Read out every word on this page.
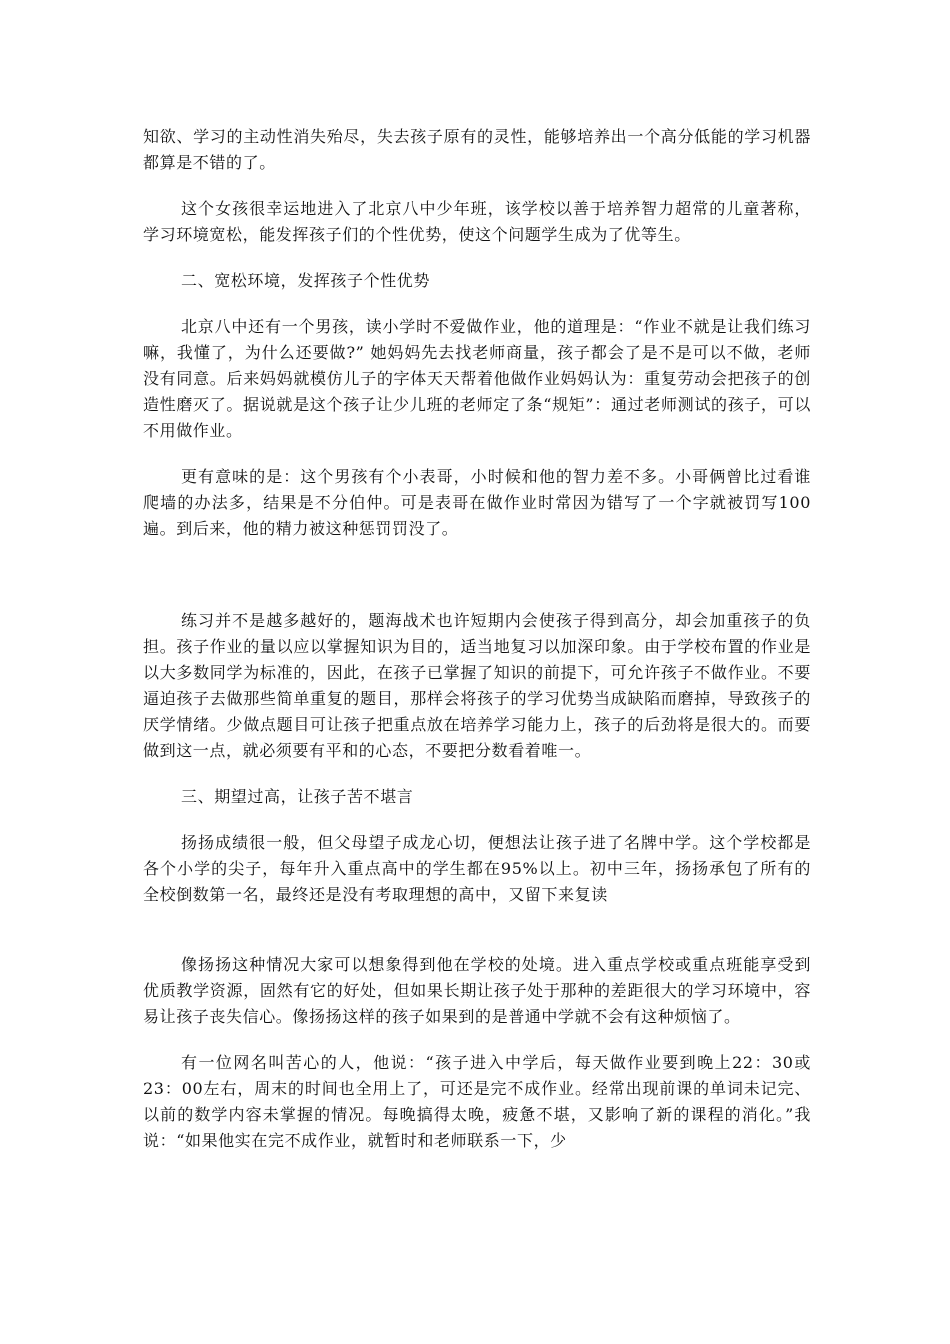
知欲、学习的主动性消失殆尽，失去孩子原有的灵性，能够培养出一个高分低能的学习机器都算是不错的了。

这个女孩很幸运地进入了北京八中少年班，该学校以善于培养智力超常的儿童著称，学习环境宽松，能发挥孩子们的个性优势，使这个问题学生成为了优等生。

二、宽松环境，发挥孩子个性优势

北京八中还有一个男孩，读小学时不爱做作业，他的道理是：“作业不就是让我们练习嘛，我懂了，为什么还要做?” 她妈妈先去找老师商量，孩子都会了是不是可以不做，老师没有同意。后来妈妈就模仿儿子的字体天天帮着他做作业妈妈认为：重复劳动会把孩子的创造性磨灭了。据说就是这个孩子让少儿班的老师定了条“规矩”：通过老师测试的孩子，可以不用做作业。

更有意味的是：这个男孩有个小表哥，小时候和他的智力差不多。小哥俩曾比过看谁爬墙的办法多，结果是不分伯仲。可是表哥在做作业时常因为错写了一个字就被罚写100遍。到后来，他的精力被这种惩罚罚没了。

练习并不是越多越好的，题海战术也许短期内会使孩子得到高分，却会加重孩子的负担。孩子作业的量以应以掌握知识为目的，适当地复习以加深印象。由于学校布置的作业是以大多数同学为标准的，因此，在孩子已掌握了知识的前提下，可允许孩子不做作业。不要逼迫孩子去做那些简单重复的题目，那样会将孩子的学习优势当成缺陷而磨掉，导致孩子的厌学情绪。少做点题目可让孩子把重点放在培养学习能力上，孩子的后劲将是很大的。而要做到这一点，就必须要有平和的心态，不要把分数看着唯一。

三、期望过高，让孩子苦不堪言

扬扬成绩很一般，但父母望子成龙心切，便想法让孩子进了名牌中学。这个学校都是各个小学的尖子，每年升入重点高中的学生都在95%以上。初中三年，扬扬承包了所有的全校倒数第一名，最终还是没有考取理想的高中，又留下来复读

像扬扬这种情况大家可以想象得到他在学校的处境。进入重点学校或重点班能享受到优质教学资源，固然有它的好处，但如果长期让孩子处于那种的差距很大的学习环境中，容易让孩子丧失信心。像扬扬这样的孩子如果到的是普通中学就不会有这种烦恼了。

有一位网名叫苦心的人，他说：“孩子进入中学后，每天做作业要到晚上22：30或23：00左右，周末的时间也全用上了，可还是完不成作业。经常出现前课的单词未记完、以前的数学内容未掌握的情况。每晚搞得太晚，疲惫不堪，又影响了新的课程的消化。”我说：“如果他实在完不成作业，就暂时和老师联系一下，少
